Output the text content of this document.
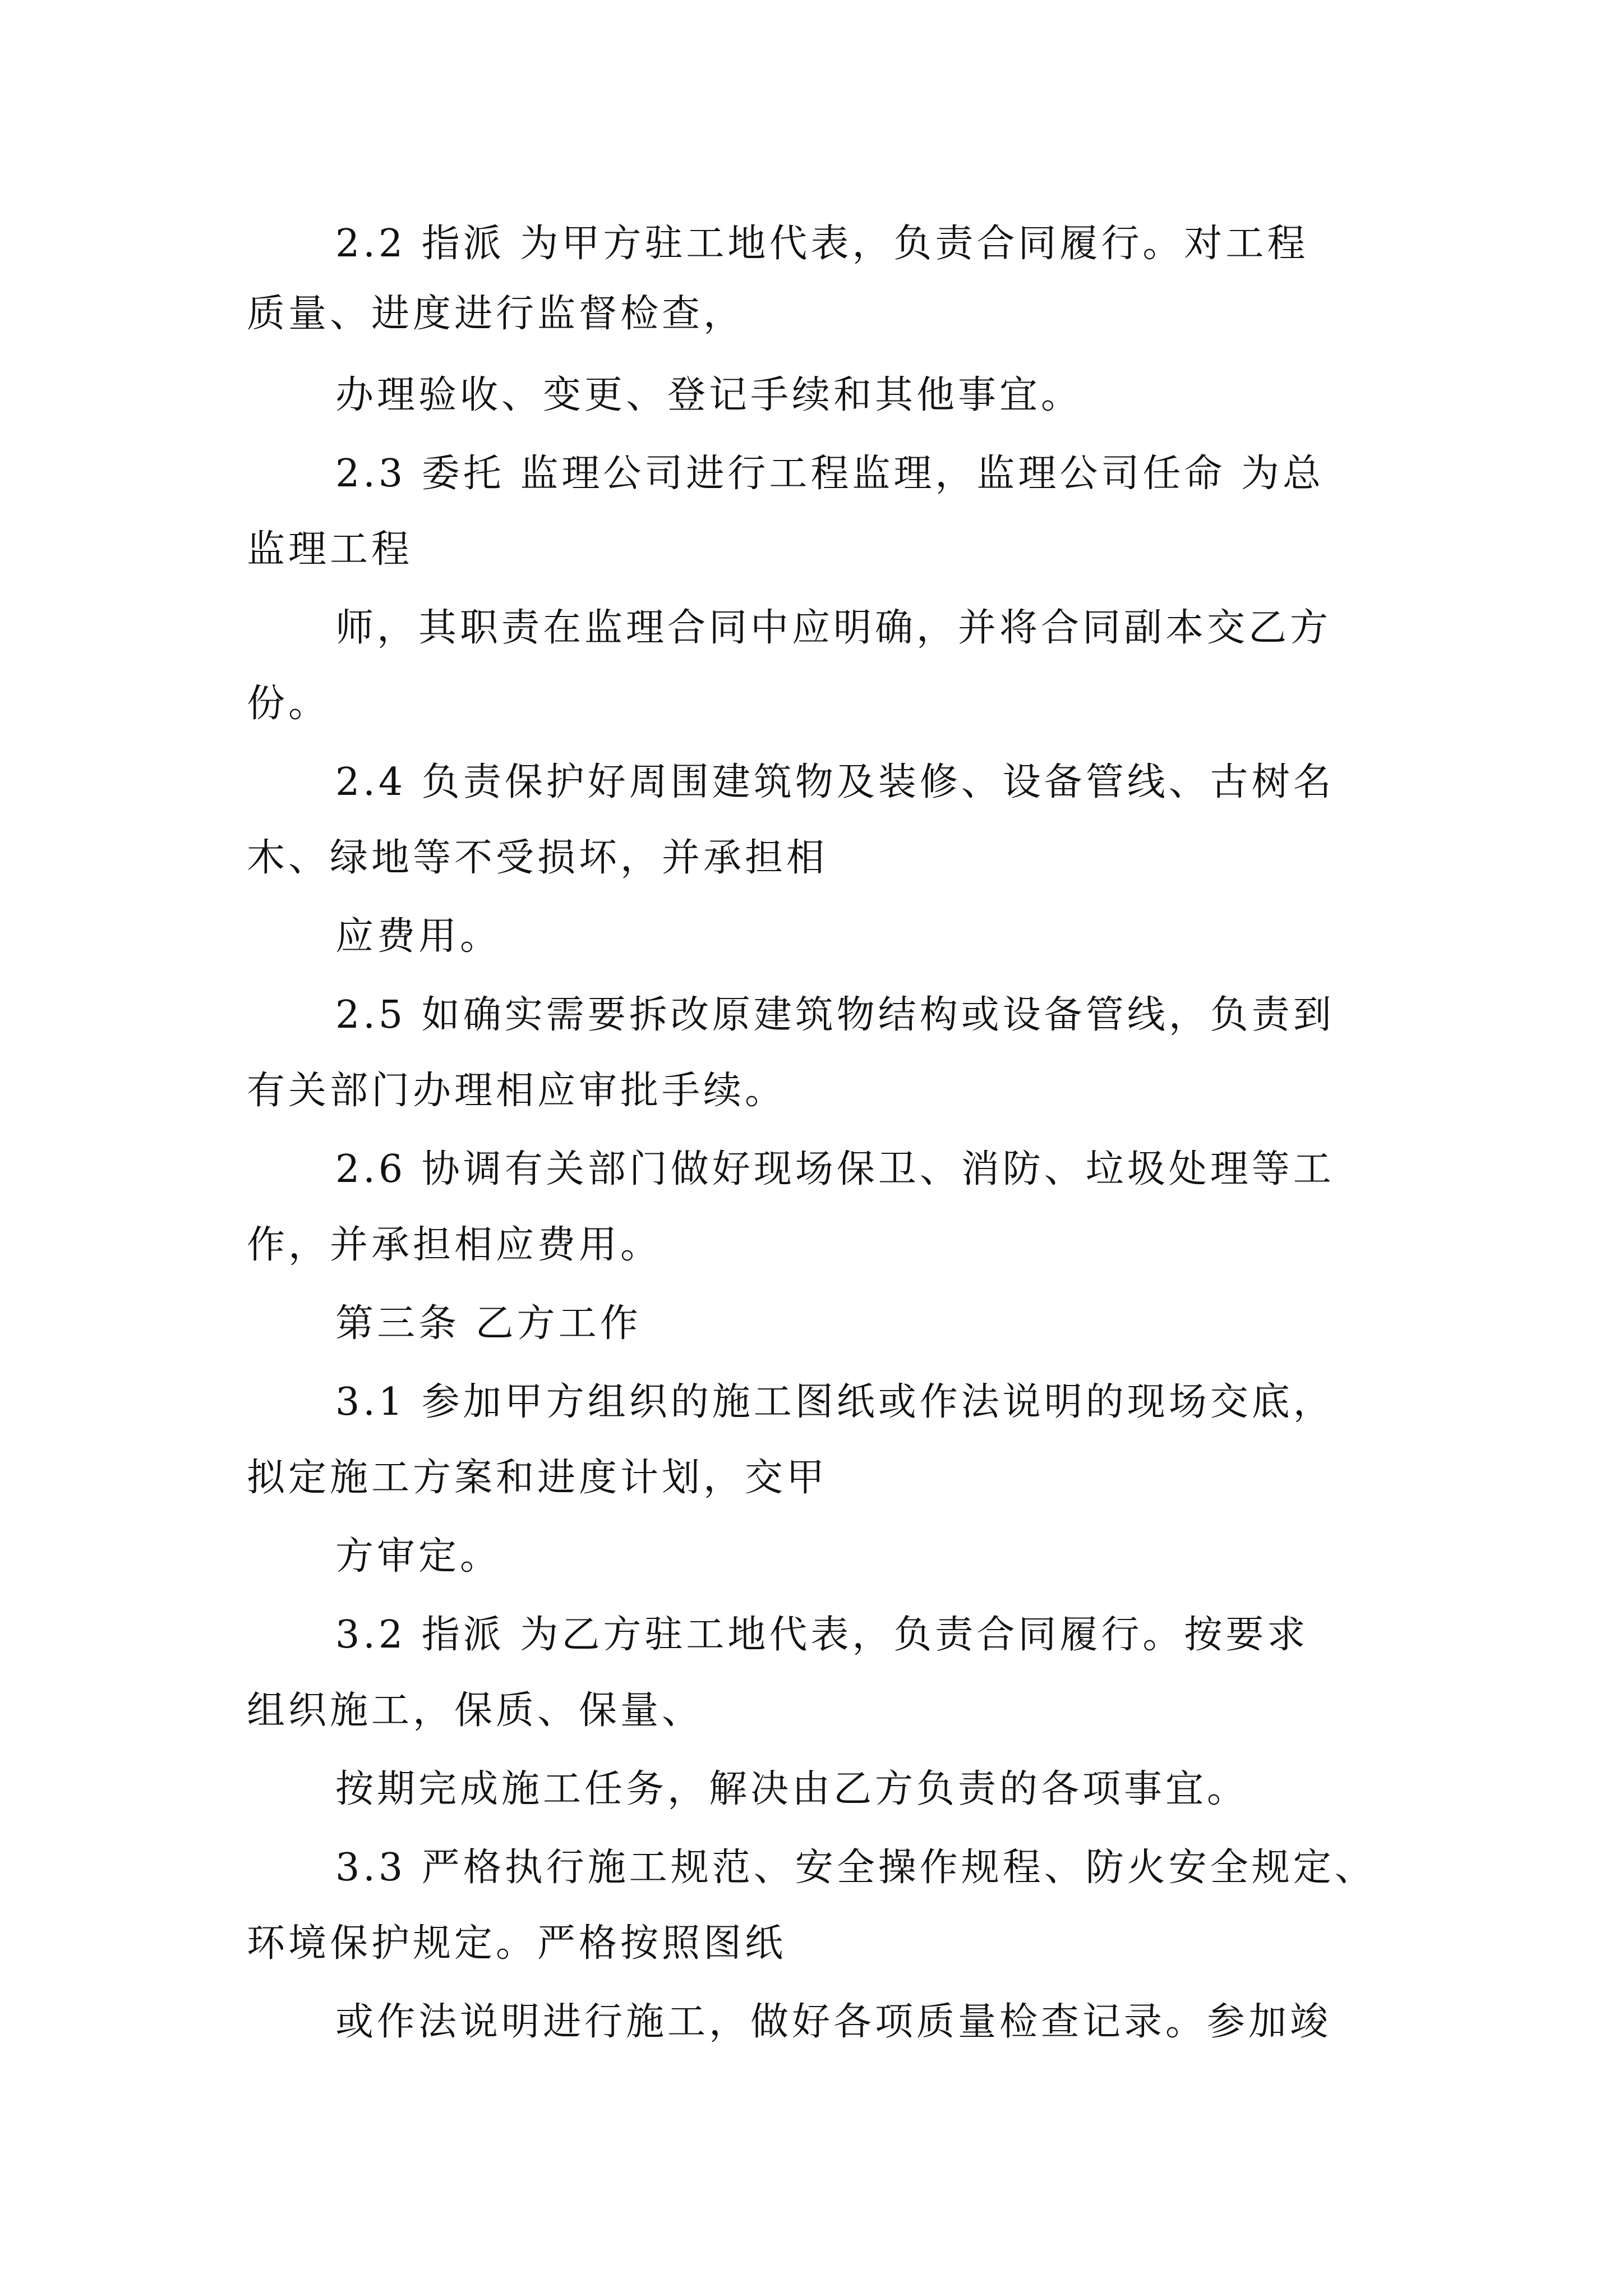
2.2 指派 为甲方驻工地代表，负责合同履行。对工程

质量、进度进行监督检查，

办理验收、变更、登记手续和其他事宜。

2.3 委托 监理公司进行工程监理，监理公司任命 为总

监理工程

师，其职责在监理合同中应明确，并将合同副本交乙方

份。

2.4 负责保护好周围建筑物及装修、设备管线、古树名

木、绿地等不受损坏，并承担相

应费用。

2.5 如确实需要拆改原建筑物结构或设备管线，负责到

有关部门办理相应审批手续。

2.6 协调有关部门做好现场保卫、消防、垃圾处理等工

作，并承担相应费用。

第三条 乙方工作

3.1 参加甲方组织的施工图纸或作法说明的现场交底，

拟定施工方案和进度计划，交甲

方审定。

3.2 指派 为乙方驻工地代表，负责合同履行。按要求

组织施工，保质、保量、

按期完成施工任务，解决由乙方负责的各项事宜。

3.3 严格执行施工规范、安全操作规程、防火安全规定、

环境保护规定。严格按照图纸

或作法说明进行施工，做好各项质量检查记录。参加竣
